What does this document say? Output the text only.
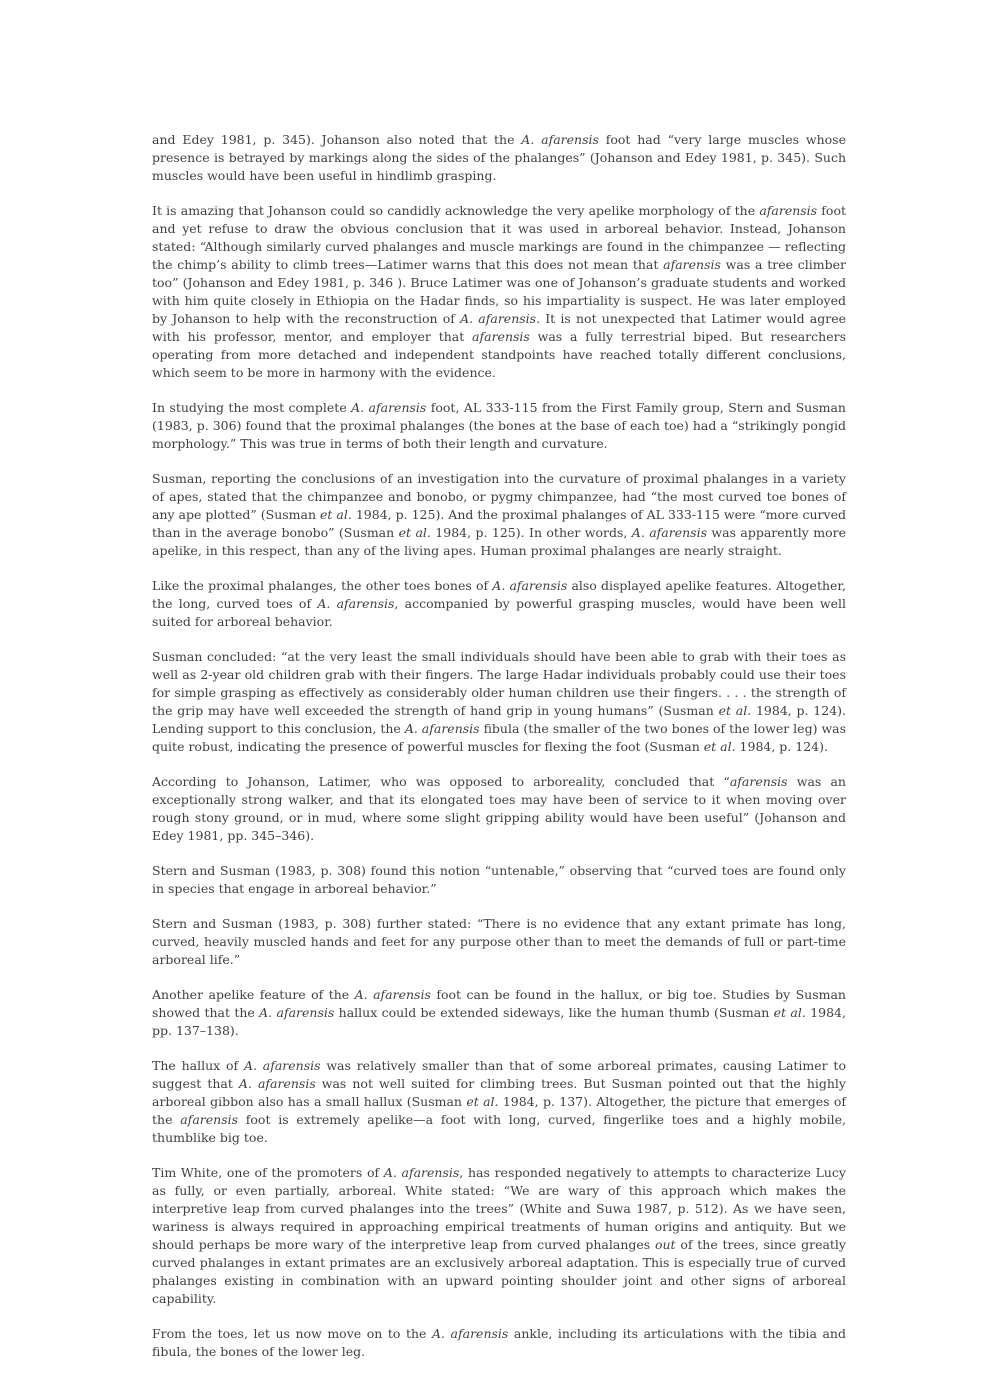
and Edey 1981, p. 345). Johanson also noted that the A. afarensis foot had “very large muscles whose presence is betrayed by markings along the sides of the phalanges” (Johanson and Edey 1981, p. 345). Such muscles would have been useful in hindlimb grasping.

It is amazing that Johanson could so candidly acknowledge the very apelike morphology of the afarensis foot and yet refuse to draw the obvious conclusion that it was used in arboreal behavior. Instead, Johanson stated: “Although similarly curved phalanges and muscle markings are found in the chimpanzee — reflecting the chimp’s ability to climb trees—Latimer warns that this does not mean that afarensis was a tree climber too” (Johanson and Edey 1981, p. 346 ). Bruce Latimer was one of Johanson’s graduate students and worked with him quite closely in Ethiopia on the Hadar finds, so his impartiality is suspect. He was later employed by Johanson to help with the reconstruction of A. afarensis. It is not unexpected that Latimer would agree with his professor, mentor, and employer that afarensis was a fully terrestrial biped. But researchers operating from more detached and independent standpoints have reached totally different conclusions, which seem to be more in harmony with the evidence.

In studying the most complete A. afarensis foot, AL 333-115 from the First Family group, Stern and Susman (1983, p. 306) found that the proximal phalanges (the bones at the base of each toe) had a “strikingly pongid morphology.” This was true in terms of both their length and curvature.

Susman, reporting the conclusions of an investigation into the curvature of proximal phalanges in a variety of apes, stated that the chimpanzee and bonobo, or pygmy chimpanzee, had “the most curved toe bones of any ape plotted” (Susman et al. 1984, p. 125). And the proximal phalanges of AL 333-115 were “more curved than in the average bonobo” (Susman et al. 1984, p. 125). In other words, A. afarensis was apparently more apelike, in this respect, than any of the living apes. Human proximal phalanges are nearly straight.

Like the proximal phalanges, the other toes bones of A. afarensis also displayed apelike features. Altogether, the long, curved toes of A. afarensis, accompanied by powerful grasping muscles, would have been well suited for arboreal behavior.

Susman concluded: “at the very least the small individuals should have been able to grab with their toes as well as 2-year old children grab with their fingers. The large Hadar individuals probably could use their toes for simple grasping as effectively as considerably older human children use their fingers. . . . the strength of the grip may have well exceeded the strength of hand grip in young humans” (Susman et al. 1984, p. 124). Lending support to this conclusion, the A. afarensis fibula (the smaller of the two bones of the lower leg) was quite robust, indicating the presence of powerful muscles for flexing the foot (Susman et al. 1984, p. 124).

According to Johanson, Latimer, who was opposed to arboreality, concluded that “afarensis was an exceptionally strong walker, and that its elongated toes may have been of service to it when moving over rough stony ground, or in mud, where some slight gripping ability would have been useful” (Johanson and Edey 1981, pp. 345–346).

Stern and Susman (1983, p. 308) found this notion “untenable,” observing that “curved toes are found only in species that engage in arboreal behavior.”

Stern and Susman (1983, p. 308) further stated: “There is no evidence that any extant primate has long, curved, heavily muscled hands and feet for any purpose other than to meet the demands of full or part-time arboreal life.”

Another apelike feature of the A. afarensis foot can be found in the hallux, or big toe. Studies by Susman showed that the A. afarensis hallux could be extended sideways, like the human thumb (Susman et al. 1984, pp. 137–138).

The hallux of A. afarensis was relatively smaller than that of some arboreal primates, causing Latimer to suggest that A. afarensis was not well suited for climbing trees. But Susman pointed out that the highly arboreal gibbon also has a small hallux (Susman et al. 1984, p. 137). Altogether, the picture that emerges of the afarensis foot is extremely apelike—a foot with long, curved, fingerlike toes and a highly mobile, thumblike big toe.

Tim White, one of the promoters of A. afarensis, has responded negatively to attempts to characterize Lucy as fully, or even partially, arboreal. White stated: “We are wary of this approach which makes the interpretive leap from curved phalanges into the trees” (White and Suwa 1987, p. 512). As we have seen, wariness is always required in approaching empirical treatments of human origins and antiquity. But we should perhaps be more wary of the interpretive leap from curved phalanges out of the trees, since greatly curved phalanges in extant primates are an exclusively arboreal adaptation. This is especially true of curved phalanges existing in combination with an upward pointing shoulder joint and other signs of arboreal capability.

From the toes, let us now move on to the A. afarensis ankle, including its articulations with the tibia and fibula, the bones of the lower leg.
